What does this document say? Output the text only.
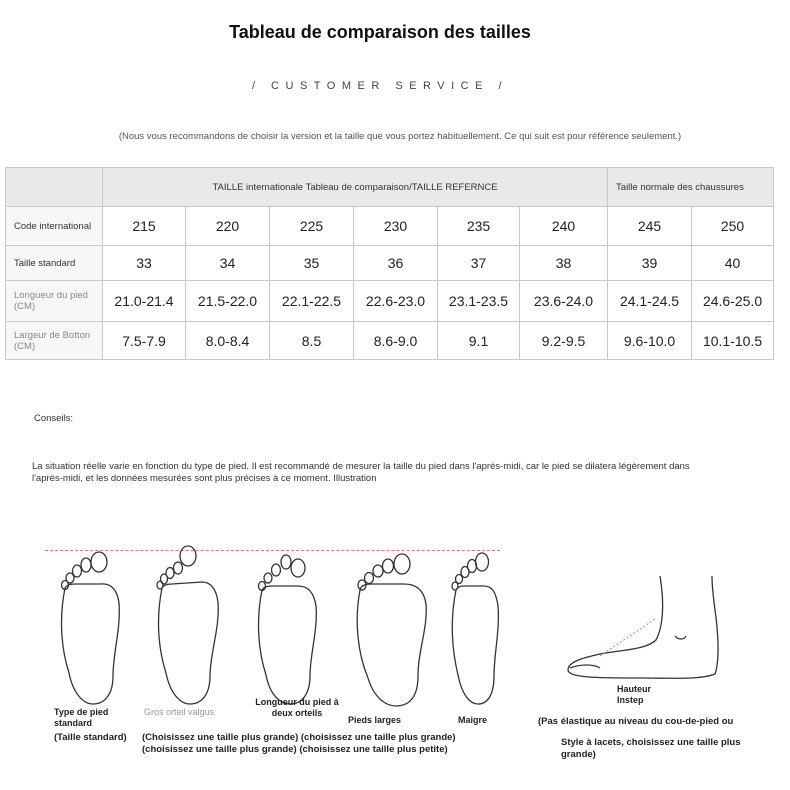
Tableau de comparaison des tailles
/ CUSTOMER SERVICE /
(Nous vous recommandons de choisir la version et la taille que vous portez habituellement. Ce qui suit est pour référence seulement.)
	TAILLE internationale Tableau de comparaison/TAILLE REFERNCE						Taille normale des chaussures	
Code international	215	220	225	230	235	240	245	250
Taille standard	33	34	35	36	37	38	39	40
Longueur du pied (CM)	21.0-21.4	21.5-22.0	22.1-22.5	22.6-23.0	23.1-23.5	23.6-24.0	24.1-24.5	24.6-25.0
Largeur de Botton (CM)	7.5-7.9	8.0-8.4	8.5	8.6-9.0	9.1	9.2-9.5	9.6-10.0	10.1-10.5
Conseils:
La situation réelle varie en fonction du type de pied. Il est recommandé de mesurer la taille du pied dans l'après-midi, car le pied se dilatera légèrement dans l'après-midi, et les données mesurées sont plus précises à ce moment. Illustration
Type de pied standard
(Taille standard)
Gros orteil valgus
Longueur du pied à deux orteils
Pieds larges	Maigre
(Choisissez une taille plus grande) (choisissez une taille plus grande) (choisissez une taille plus grande) (choisissez une taille plus petite)
Hauteur Instep
(Pas élastique au niveau du cou-de-pied ou
Style à lacets, choisissez une taille plus grande)
